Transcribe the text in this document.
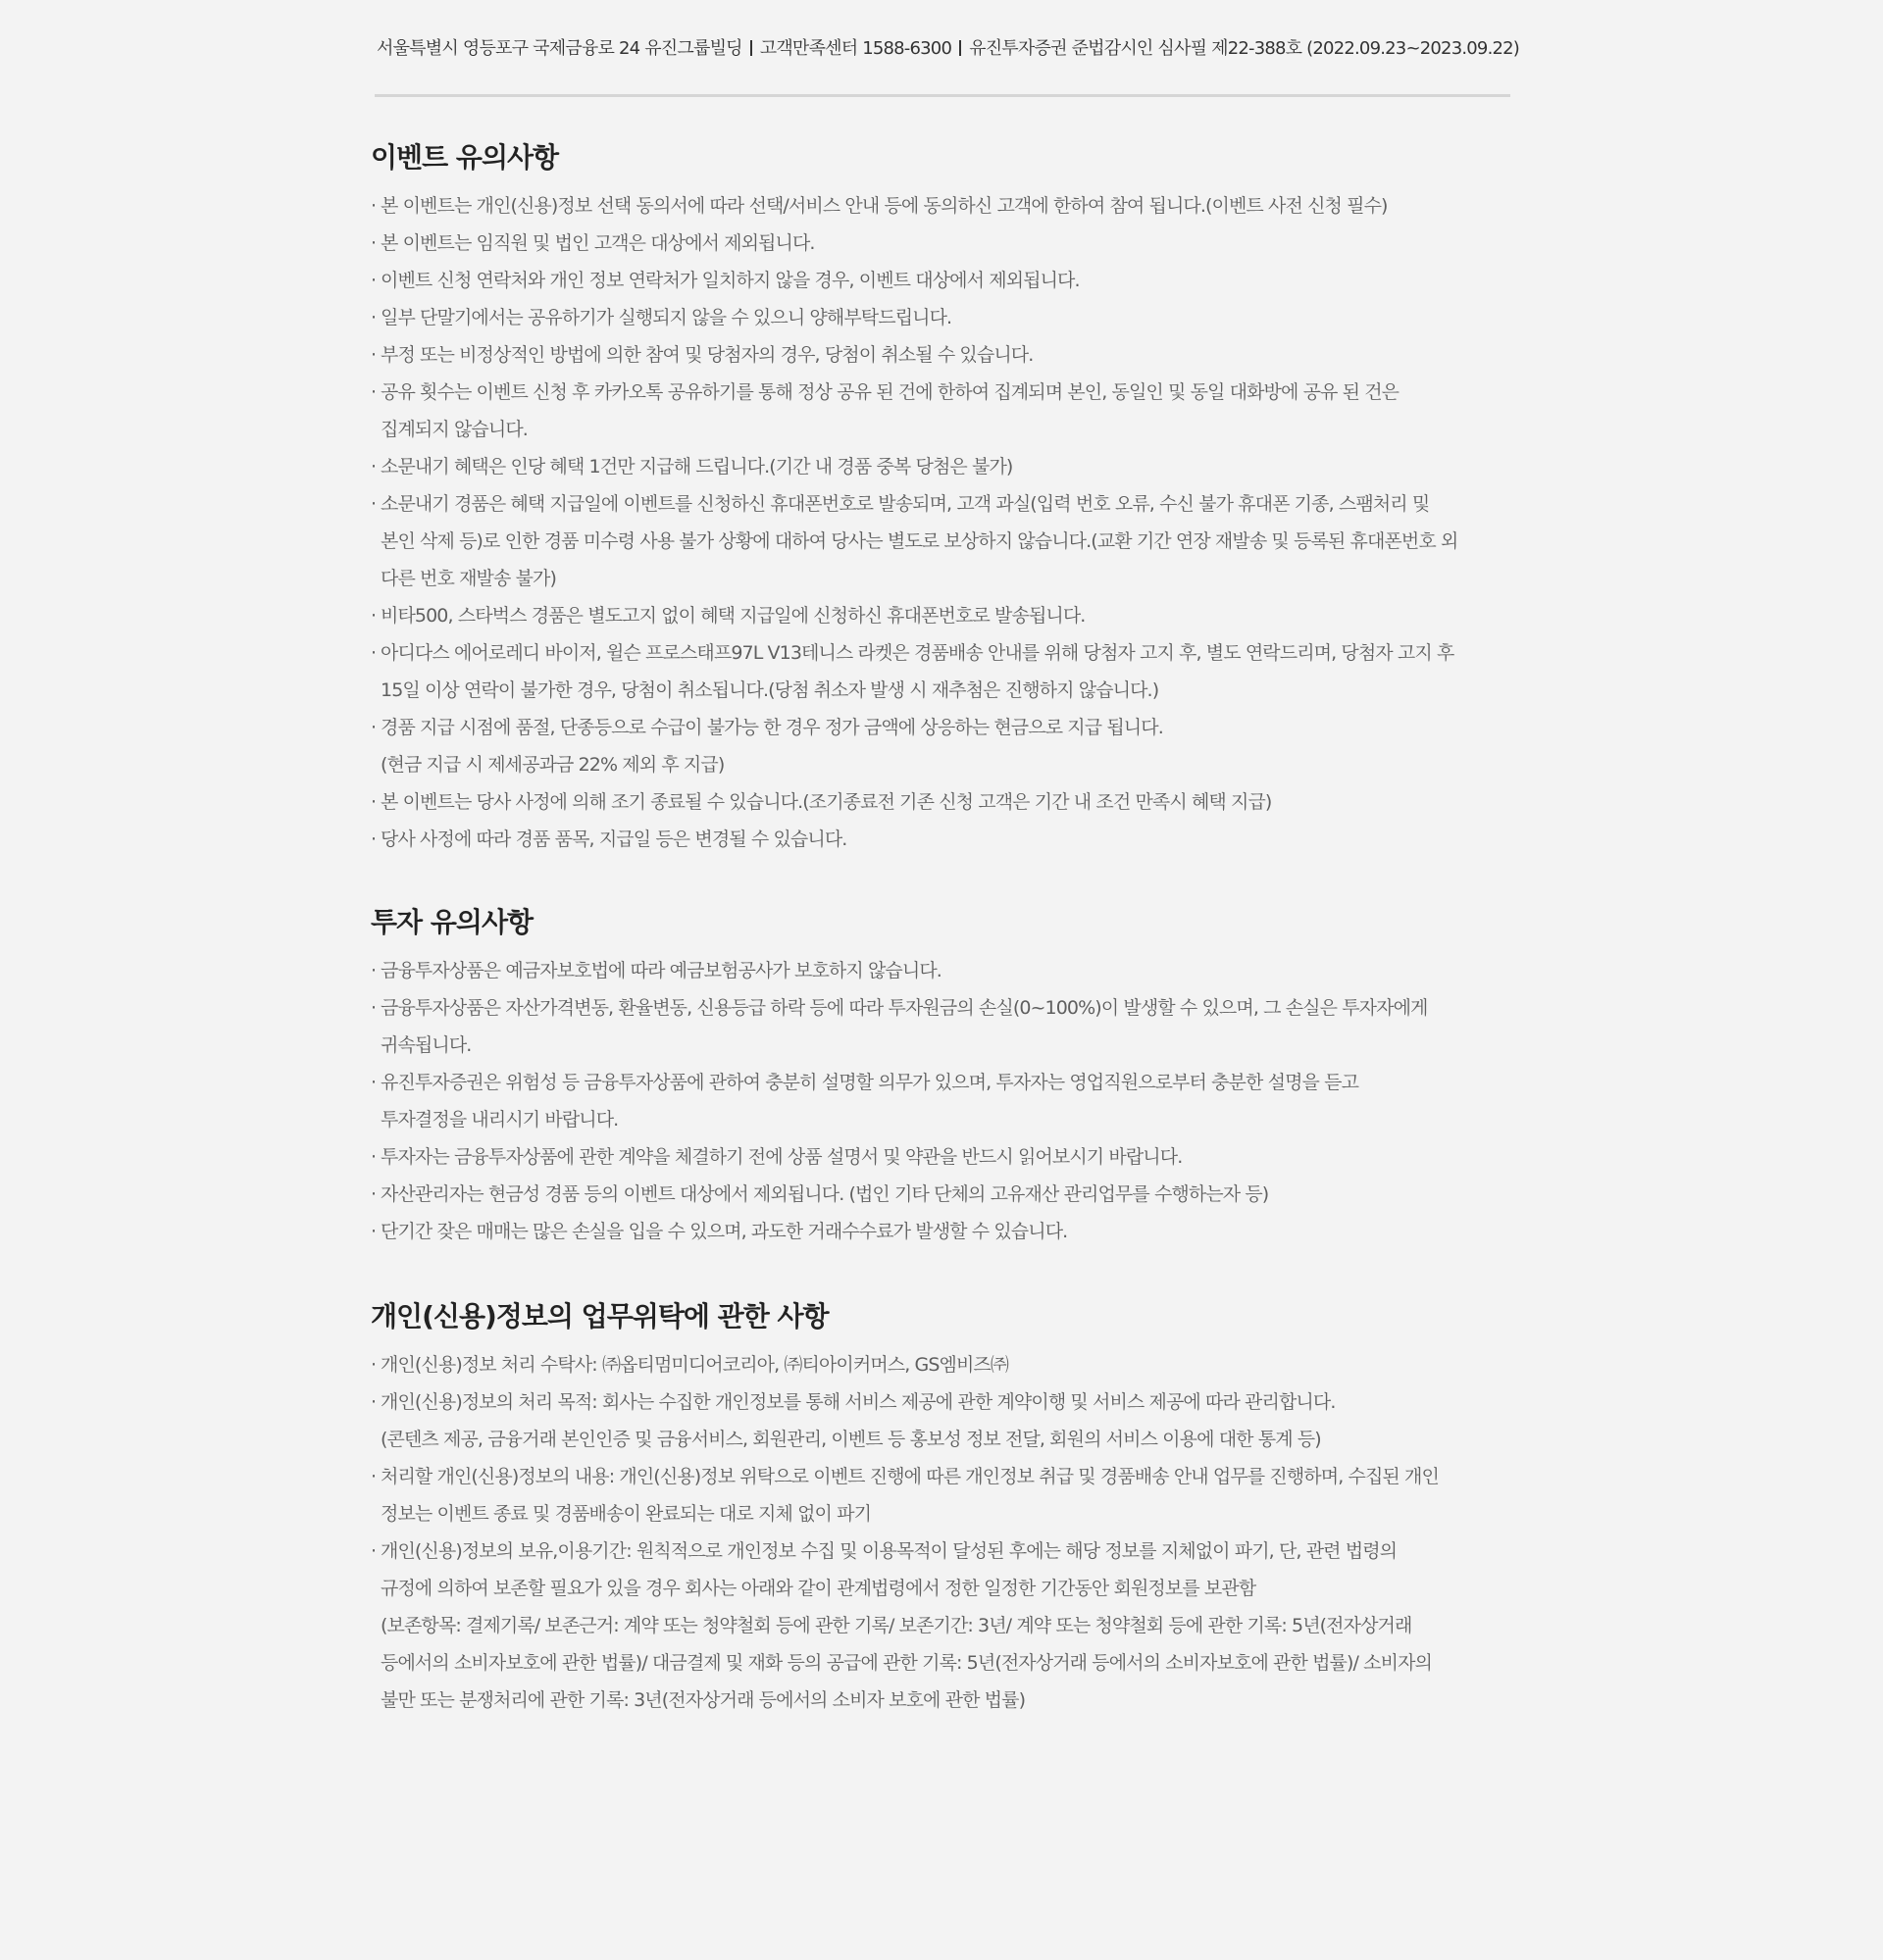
서울특별시 영등포구 국제금융로 24 유진그룹빌딩 고객만족센터 1588-6300 유진투자증권 준법감시인 심사필 제22-388호 (2022.09.23~2023.09.22)
이벤트 유의사항
· 본 이벤트는 개인(신용)정보 선택 동의서에 따라 선택/서비스 안내 등에 동의하신 고객에 한하여 참여 됩니다.(이벤트 사전 신청 필수)
· 본 이벤트는 임직원 및 법인 고객은 대상에서 제외됩니다.
· 이벤트 신청 연락처와 개인 정보 연락처가 일치하지 않을 경우, 이벤트 대상에서 제외됩니다.
· 일부 단말기에서는 공유하기가 실행되지 않을 수 있으니 양해부탁드립니다.
· 부정 또는 비정상적인 방법에 의한 참여 및 당첨자의 경우, 당첨이 취소될 수 있습니다.
· 공유 횟수는 이벤트 신청 후 카카오톡 공유하기를 통해 정상 공유 된 건에 한하여 집계되며 본인, 동일인 및 동일 대화방에 공유 된 건은
집계되지 않습니다.
· 소문내기 혜택은 인당 혜택 1건만 지급해 드립니다.(기간 내 경품 중복 당첨은 불가)
· 소문내기 경품은 혜택 지급일에 이벤트를 신청하신 휴대폰번호로 발송되며, 고객 과실(입력 번호 오류, 수신 불가 휴대폰 기종, 스팸처리 및
본인 삭제 등)로 인한 경품 미수령 사용 불가 상황에 대하여 당사는 별도로 보상하지 않습니다.(교환 기간 연장 재발송 및 등록된 휴대폰번호 외
다른 번호 재발송 불가)
· 비타500, 스타벅스 경품은 별도고지 없이 혜택 지급일에 신청하신 휴대폰번호로 발송됩니다.
· 아디다스 에어로레디 바이저, 윌슨 프로스태프97L V13테니스 라켓은 경품배송 안내를 위해 당첨자 고지 후, 별도 연락드리며, 당첨자 고지 후
15일 이상 연락이 불가한 경우, 당첨이 취소됩니다.(당첨 취소자 발생 시 재추첨은 진행하지 않습니다.)
· 경품 지급 시점에 품절, 단종등으로 수급이 불가능 한 경우 정가 금액에 상응하는 현금으로 지급 됩니다.
(현금 지급 시 제세공과금 22% 제외 후 지급)
· 본 이벤트는 당사 사정에 의해 조기 종료될 수 있습니다.(조기종료전 기존 신청 고객은 기간 내 조건 만족시 혜택 지급)
· 당사 사정에 따라 경품 품목, 지급일 등은 변경될 수 있습니다.
투자 유의사항
· 금융투자상품은 예금자보호법에 따라 예금보험공사가 보호하지 않습니다.
· 금융투자상품은 자산가격변동, 환율변동, 신용등급 하락 등에 따라 투자원금의 손실(0~100%)이 발생할 수 있으며, 그 손실은 투자자에게
귀속됩니다.
· 유진투자증권은 위험성 등 금융투자상품에 관하여 충분히 설명할 의무가 있으며, 투자자는 영업직원으로부터 충분한 설명을 듣고
투자결정을 내리시기 바랍니다.
· 투자자는 금융투자상품에 관한 계약을 체결하기 전에 상품 설명서 및 약관을 반드시 읽어보시기 바랍니다.
· 자산관리자는 현금성 경품 등의 이벤트 대상에서 제외됩니다. (법인 기타 단체의 고유재산 관리업무를 수행하는자 등)
· 단기간 잦은 매매는 많은 손실을 입을 수 있으며, 과도한 거래수수료가 발생할 수 있습니다.
개인(신용)정보의 업무위탁에 관한 사항
· 개인(신용)정보 처리 수탁사: ㈜옵티멈미디어코리아, ㈜티아이커머스, GS엠비즈㈜
· 개인(신용)정보의 처리 목적: 회사는 수집한 개인정보를 통해 서비스 제공에 관한 계약이행 및 서비스 제공에 따라 관리합니다.
(콘텐츠 제공, 금융거래 본인인증 및 금융서비스, 회원관리, 이벤트 등 홍보성 정보 전달, 회원의 서비스 이용에 대한 통계 등)
· 처리할 개인(신용)정보의 내용: 개인(신용)정보 위탁으로 이벤트 진행에 따른 개인정보 취급 및 경품배송 안내 업무를 진행하며, 수집된 개인
정보는 이벤트 종료 및 경품배송이 완료되는 대로 지체 없이 파기
· 개인(신용)정보의 보유,이용기간: 원칙적으로 개인정보 수집 및 이용목적이 달성된 후에는 해당 정보를 지체없이 파기, 단, 관련 법령의
규정에 의하여 보존할 필요가 있을 경우 회사는 아래와 같이 관계법령에서 정한 일정한 기간동안 회원정보를 보관함
(보존항목: 결제기록/ 보존근거: 계약 또는 청약철회 등에 관한 기록/ 보존기간: 3년/ 계약 또는 청약철회 등에 관한 기록: 5년(전자상거래
등에서의 소비자보호에 관한 법률)/ 대금결제 및 재화 등의 공급에 관한 기록: 5년(전자상거래 등에서의 소비자보호에 관한 법률)/ 소비자의
불만 또는 분쟁처리에 관한 기록: 3년(전자상거래 등에서의 소비자 보호에 관한 법률)
